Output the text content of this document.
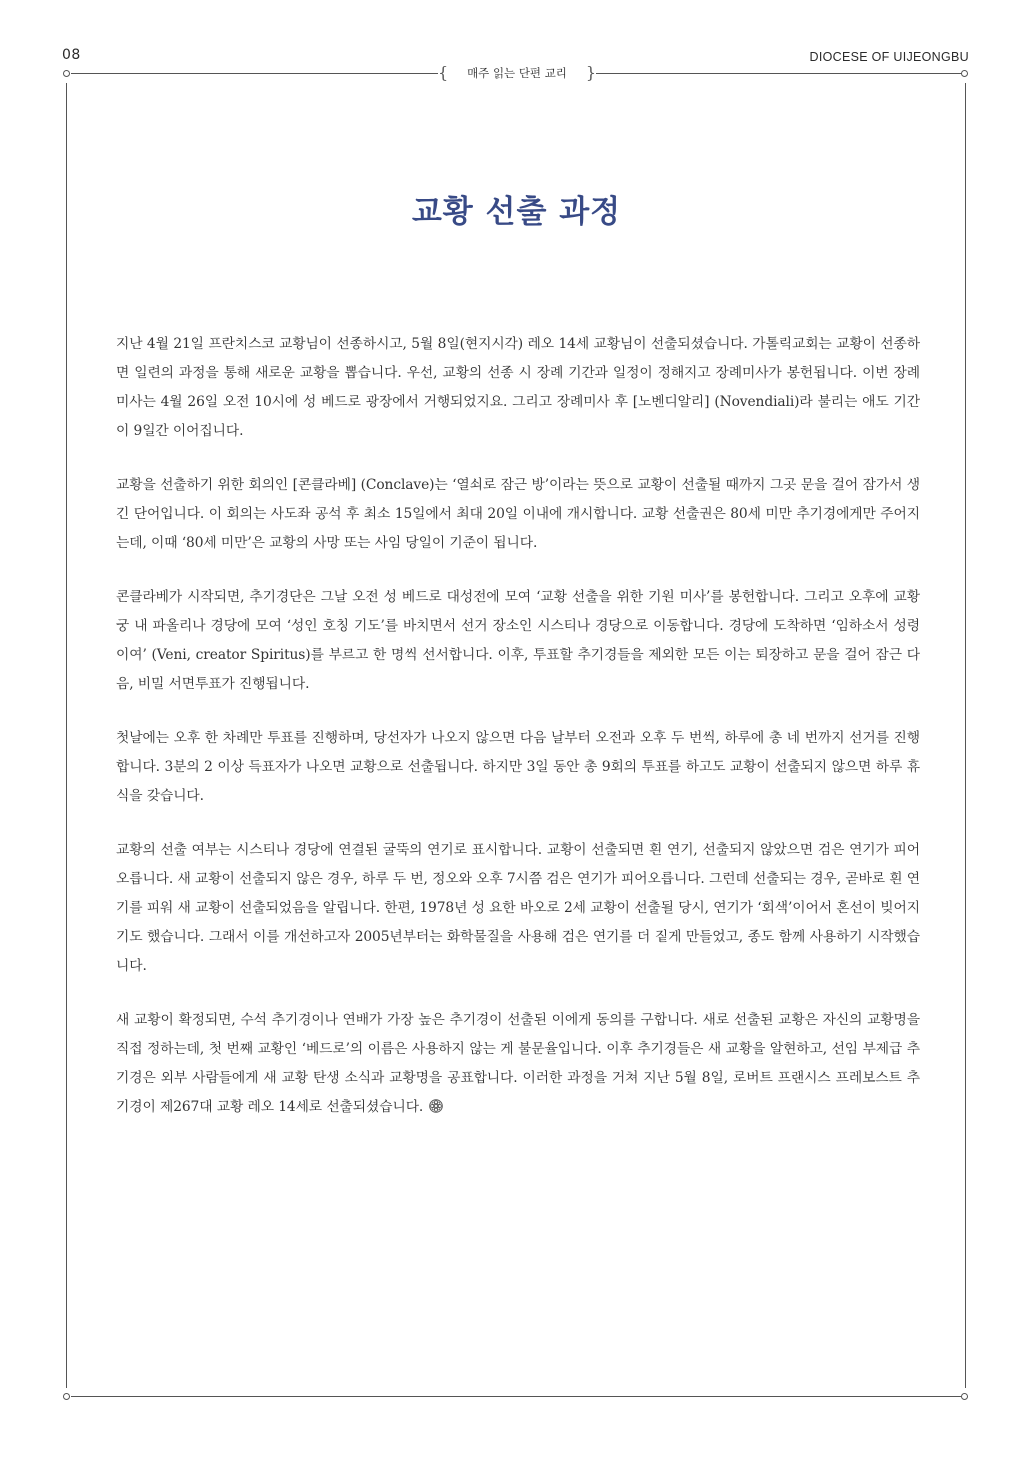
08	DIOCESE OF UIJEONGBU
{ 매주 읽는 단편 교리 }
교황 선출 과정

지난 4월 21일 프란치스코 교황님이 선종하시고, 5월 8일(현지시각) 레오 14세 교황님이 선출되셨습니다. 가톨릭교회는 교황이 선종하면 일련의 과정을 통해 새로운 교황을 뽑습니다. 우선, 교황의 선종 시 장례 기간과 일정이 정해지고 장례미사가 봉헌됩니다. 이번 장례미사는 4월 26일 오전 10시에 성 베드로 광장에서 거행되었지요. 그리고 장례미사 후 [노벤디알리] (Novendiali)라 불리는 애도 기간이 9일간 이어집니다.

교황을 선출하기 위한 회의인 [콘클라베] (Conclave)는 ‘열쇠로 잠근 방’이라는 뜻으로 교황이 선출될 때까지 그곳 문을 걸어 잠가서 생긴 단어입니다. 이 회의는 사도좌 공석 후 최소 15일에서 최대 20일 이내에 개시합니다. 교황 선출권은 80세 미만 추기경에게만 주어지는데, 이때 ‘80세 미만’은 교황의 사망 또는 사임 당일이 기준이 됩니다.

콘클라베가 시작되면, 추기경단은 그날 오전 성 베드로 대성전에 모여 ‘교황 선출을 위한 기원 미사’를 봉헌합니다. 그리고 오후에 교황궁 내 파올리나 경당에 모여 ‘성인 호칭 기도’를 바치면서 선거 장소인 시스티나 경당으로 이동합니다. 경당에 도착하면 ‘임하소서 성령이여’ (Veni, creator Spiritus)를 부르고 한 명씩 선서합니다. 이후, 투표할 추기경들을 제외한 모든 이는 퇴장하고 문을 걸어 잠근 다음, 비밀 서면투표가 진행됩니다.

첫날에는 오후 한 차례만 투표를 진행하며, 당선자가 나오지 않으면 다음 날부터 오전과 오후 두 번씩, 하루에 총 네 번까지 선거를 진행합니다. 3분의 2 이상 득표자가 나오면 교황으로 선출됩니다. 하지만 3일 동안 총 9회의 투표를 하고도 교황이 선출되지 않으면 하루 휴식을 갖습니다.

교황의 선출 여부는 시스티나 경당에 연결된 굴뚝의 연기로 표시합니다. 교황이 선출되면 흰 연기, 선출되지 않았으면 검은 연기가 피어오릅니다. 새 교황이 선출되지 않은 경우, 하루 두 번, 정오와 오후 7시쯤 검은 연기가 피어오릅니다. 그런데 선출되는 경우, 곧바로 흰 연기를 피워 새 교황이 선출되었음을 알립니다. 한편, 1978년 성 요한 바오로 2세 교황이 선출될 당시, 연기가 ‘회색’이어서 혼선이 빚어지기도 했습니다. 그래서 이를 개선하고자 2005년부터는 화학물질을 사용해 검은 연기를 더 짙게 만들었고, 종도 함께 사용하기 시작했습니다.

새 교황이 확정되면, 수석 추기경이나 연배가 가장 높은 추기경이 선출된 이에게 동의를 구합니다. 새로 선출된 교황은 자신의 교황명을 직접 정하는데, 첫 번째 교황인 ‘베드로’의 이름은 사용하지 않는 게 불문율입니다. 이후 추기경들은 새 교황을 알현하고, 선임 부제급 추기경은 외부 사람들에게 새 교황 탄생 소식과 교황명을 공표합니다. 이러한 과정을 거쳐 지난 5월 8일, 로버트 프랜시스 프레보스트 추기경이 제267대 교황 레오 14세로 선출되셨습니다.
